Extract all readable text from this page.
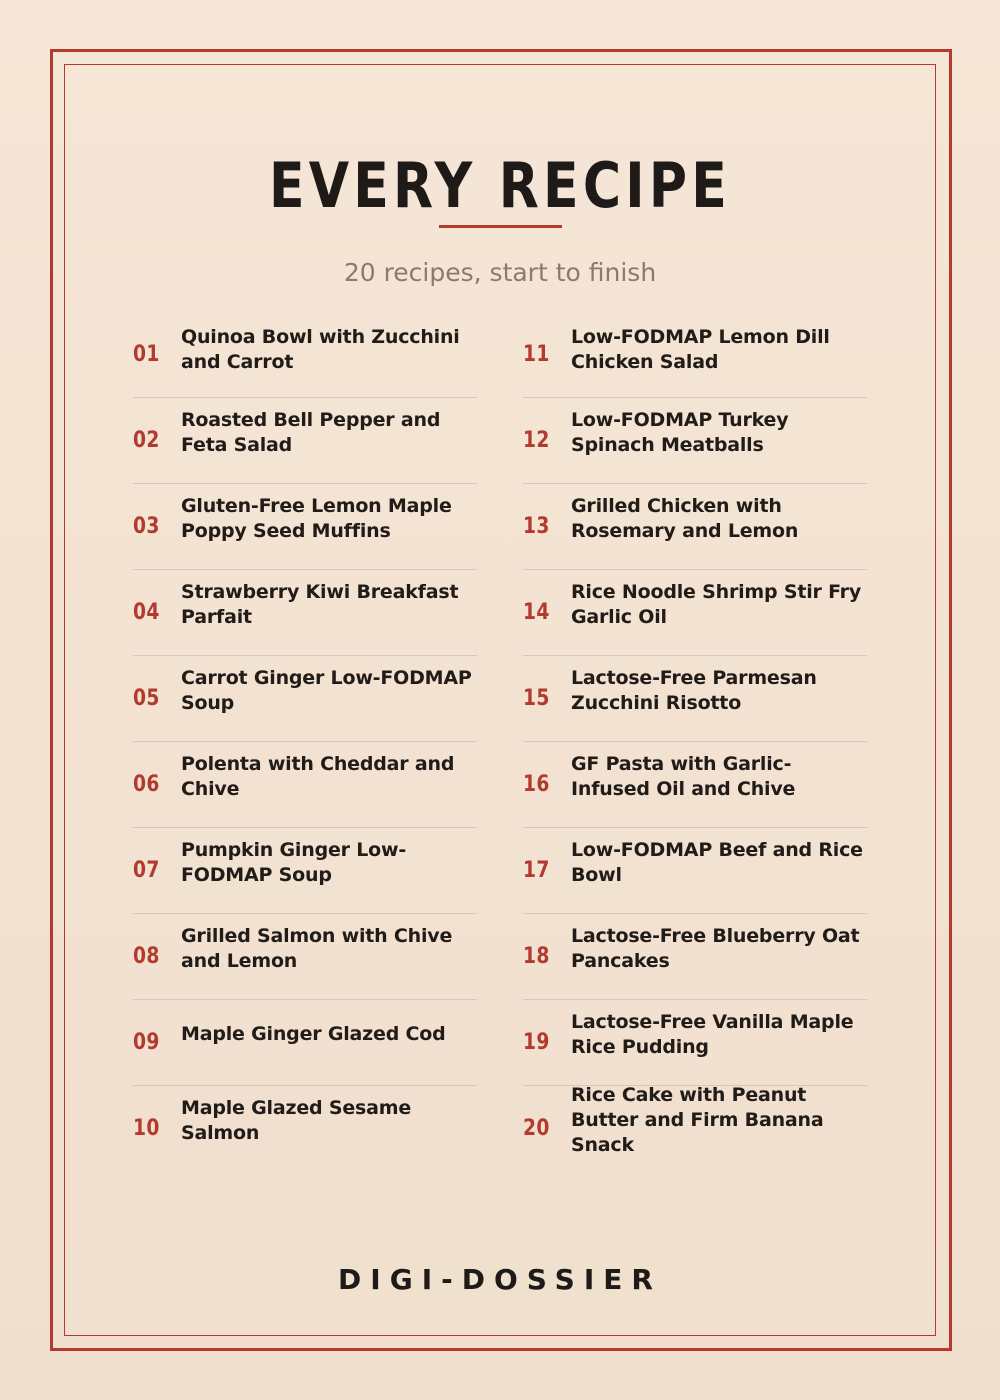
EVERY RECIPE
20 recipes, start to finish
01
Quinoa Bowl with Zucchini and Carrot
02
Roasted Bell Pepper and Feta Salad
03
Gluten-Free Lemon Maple Poppy Seed Muffins
04
Strawberry Kiwi Breakfast Parfait
05
Carrot Ginger Low-FODMAP Soup
06
Polenta with Cheddar and Chive
07
Pumpkin Ginger Low-FODMAP Soup
08
Grilled Salmon with Chive and Lemon
09 Maple Ginger Glazed Cod
10
Maple Glazed Sesame Salmon
11
Low-FODMAP Lemon Dill Chicken Salad
12
Low-FODMAP Turkey Spinach Meatballs
13
Grilled Chicken with Rosemary and Lemon
14
Rice Noodle Shrimp Stir Fry Garlic Oil
15
Lactose-Free Parmesan Zucchini Risotto
16
GF Pasta with Garlic-Infused Oil and Chive
17
Low-FODMAP Beef and Rice Bowl
18
Lactose-Free Blueberry Oat Pancakes
19
Lactose-Free Vanilla Maple Rice Pudding
20
Rice Cake with Peanut Butter and Firm Banana Snack
DIGI-DOSSIER
